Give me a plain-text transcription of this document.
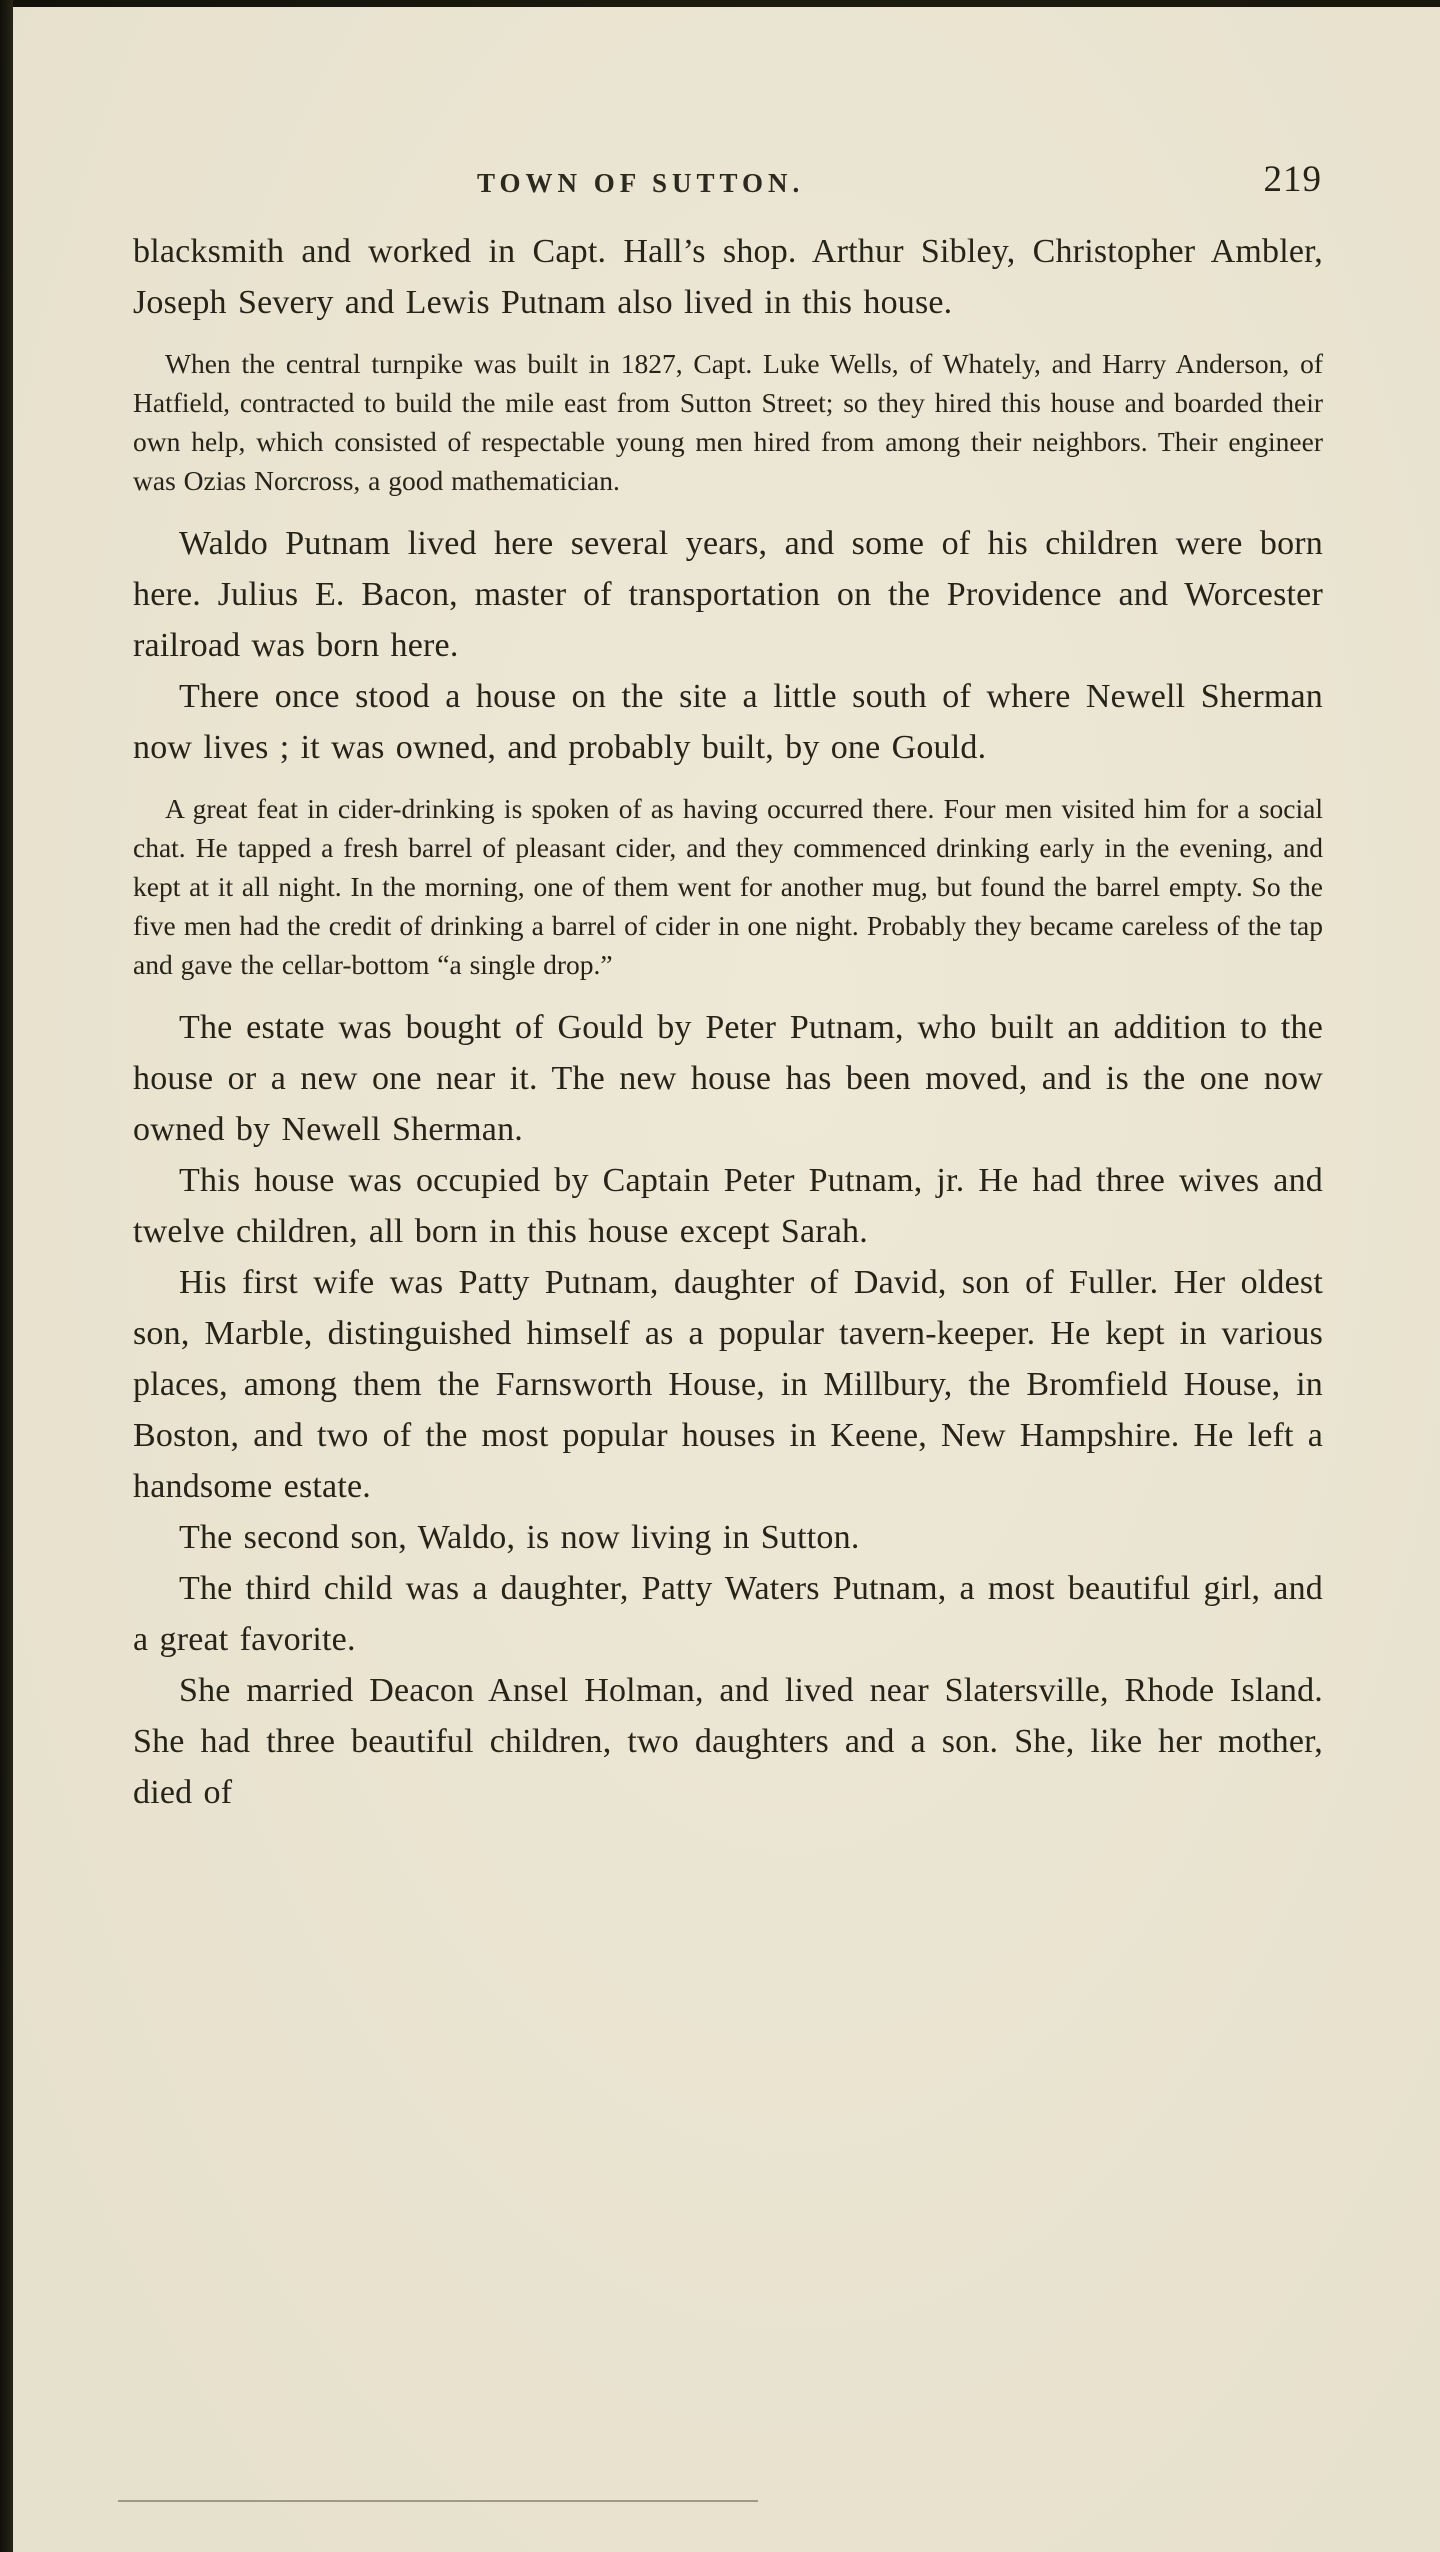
TOWN OF SUTTON.	219

blacksmith and worked in Capt. Hall’s shop. Arthur Sibley, Christopher Ambler, Joseph Severy and Lewis Putnam also lived in this house.

When the central turnpike was built in 1827, Capt. Luke Wells, of Whately, and Harry Anderson, of Hatfield, contracted to build the mile east from Sutton Street; so they hired this house and boarded their own help, which consisted of respectable young men hired from among their neighbors. Their engineer was Ozias Norcross, a good mathematician.

Waldo Putnam lived here several years, and some of his children were born here. Julius E. Bacon, master of transportation on the Providence and Worcester railroad was born here.

There once stood a house on the site a little south of where Newell Sherman now lives ; it was owned, and probably built, by one Gould.

A great feat in cider-drinking is spoken of as having occurred there. Four men visited him for a social chat. He tapped a fresh barrel of pleasant cider, and they commenced drinking early in the evening, and kept at it all night. In the morning, one of them went for another mug, but found the barrel empty. So the five men had the credit of drinking a barrel of cider in one night. Probably they became careless of the tap and gave the cellar-bottom “a single drop.”

The estate was bought of Gould by Peter Putnam, who built an addition to the house or a new one near it. The new house has been moved, and is the one now owned by Newell Sherman.

This house was occupied by Captain Peter Putnam, jr. He had three wives and twelve children, all born in this house except Sarah.

His first wife was Patty Putnam, daughter of David, son of Fuller. Her oldest son, Marble, distinguished himself as a popular tavern-keeper. He kept in various places, among them the Farnsworth House, in Millbury, the Bromfield House, in Boston, and two of the most popular houses in Keene, New Hampshire. He left a handsome estate.

The second son, Waldo, is now living in Sutton.

The third child was a daughter, Patty Waters Putnam, a most beautiful girl, and a great favorite.

She married Deacon Ansel Holman, and lived near Slatersville, Rhode Island. She had three beautiful children, two daughters and a son. She, like her mother, died of
